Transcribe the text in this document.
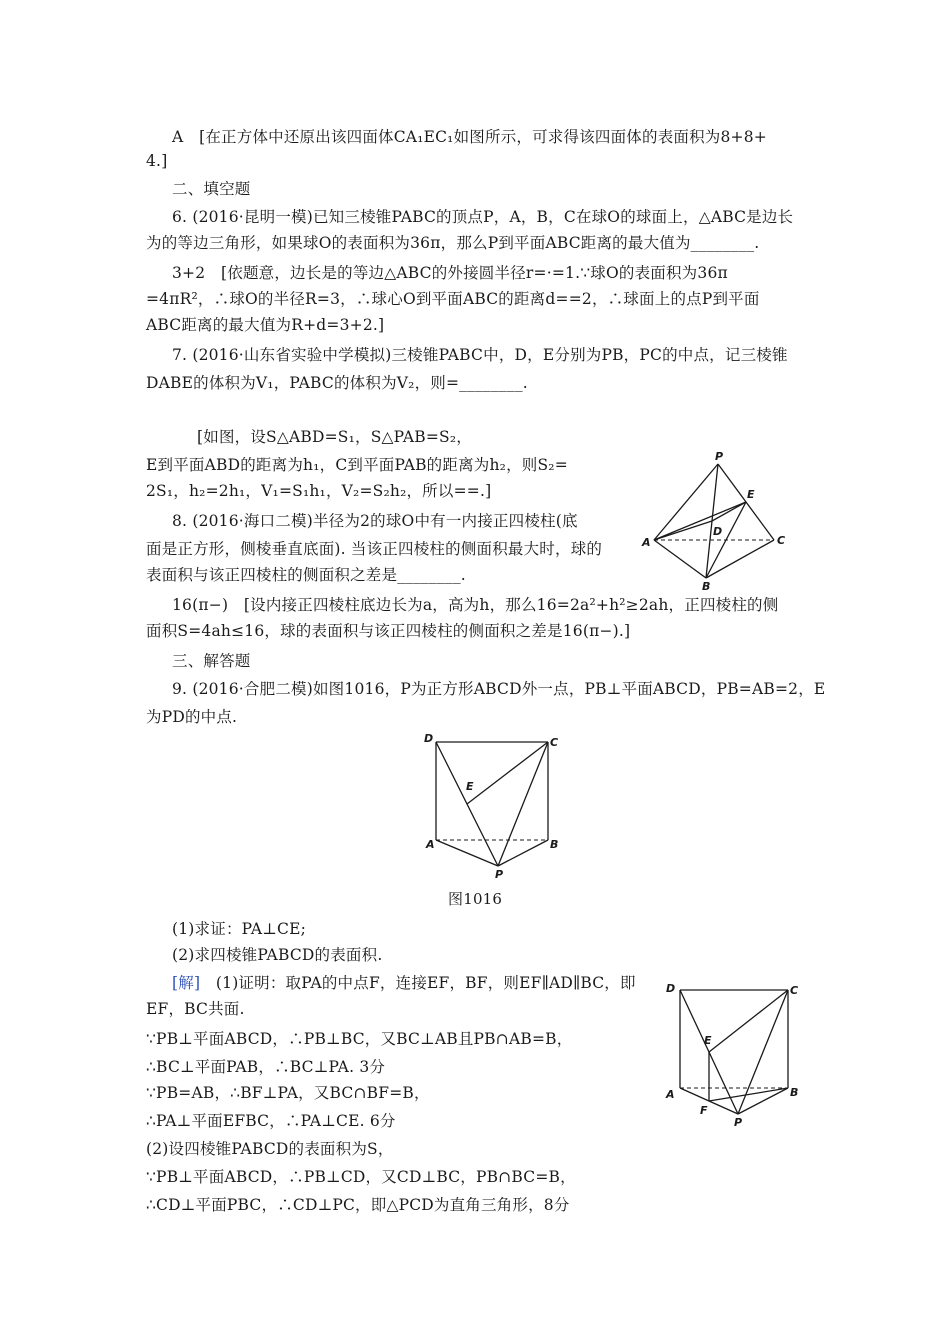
A　[在正方体中还原出该四面体CA₁EC₁如图所示，可求得该四面体的表面积为8+8+
4.]
二、填空题
6. (2016·昆明一模)已知三棱锥PABC的顶点P，A，B，C在球O的球面上，△ABC是边长
为的等边三角形，如果球O的表面积为36π，那么P到平面ABC距离的最大值为________.
3+2　[依题意，边长是的等边△ABC的外接圆半径r=·=1.∵球O的表面积为36π
=4πR²，∴球O的半径R=3，∴球心O到平面ABC的距离d==2，∴球面上的点P到平面
ABC距离的最大值为R+d=3+2.]
7. (2016·山东省实验中学模拟)三棱锥PABC中，D，E分别为PB，PC的中点，记三棱锥
DABE的体积为V₁，PABC的体积为V₂，则=________.
[如图，设S△ABD=S₁，S△PAB=S₂，
E到平面ABD的距离为h₁，C到平面PAB的距离为h₂，则S₂=
2S₁，h₂=2h₁，V₁=S₁h₁，V₂=S₂h₂，所以==.]
8. (2016·海口二模)半径为2的球O中有一内接正四棱柱(底
面是正方形，侧棱垂直底面). 当该正四棱柱的侧面积最大时，球的
表面积与该正四棱柱的侧面积之差是________.
16(π−)　[设内接正四棱柱底边长为a，高为h，那么16=2a²+h²≥2ah，正四棱柱的侧
面积S=4ah≤16，球的表面积与该正四棱柱的侧面积之差是16(π−).]
三、解答题
9. (2016·合肥二模)如图1016，P为正方形ABCD外一点，PB⊥平面ABCD，PB=AB=2，E
为PD的中点.
图1016
(1)求证：PA⊥CE;
(2)求四棱锥PABCD的表面积.
[解]　 (1)证明：取PA的中点F，连接EF，BF，则EF∥AD∥BC，即
EF，BC共面.
∵PB⊥平面ABCD，∴PB⊥BC，又BC⊥AB且PB∩AB=B，
∴BC⊥平面PAB，∴BC⊥PA. 3分
∵PB=AB，∴BF⊥PA，又BC∩BF=B，
∴PA⊥平面EFBC，∴PA⊥CE. 6分
(2)设四棱锥PABCD的表面积为S，
∵PB⊥平面ABCD，∴PB⊥CD，又CD⊥BC，PB∩BC=B，
∴CD⊥平面PBC，∴CD⊥PC，即△PCD为直角三角形，8分
P
E
D
A	C
B
D	C
E
A	B
P
D	C
E
A	B
F
P
